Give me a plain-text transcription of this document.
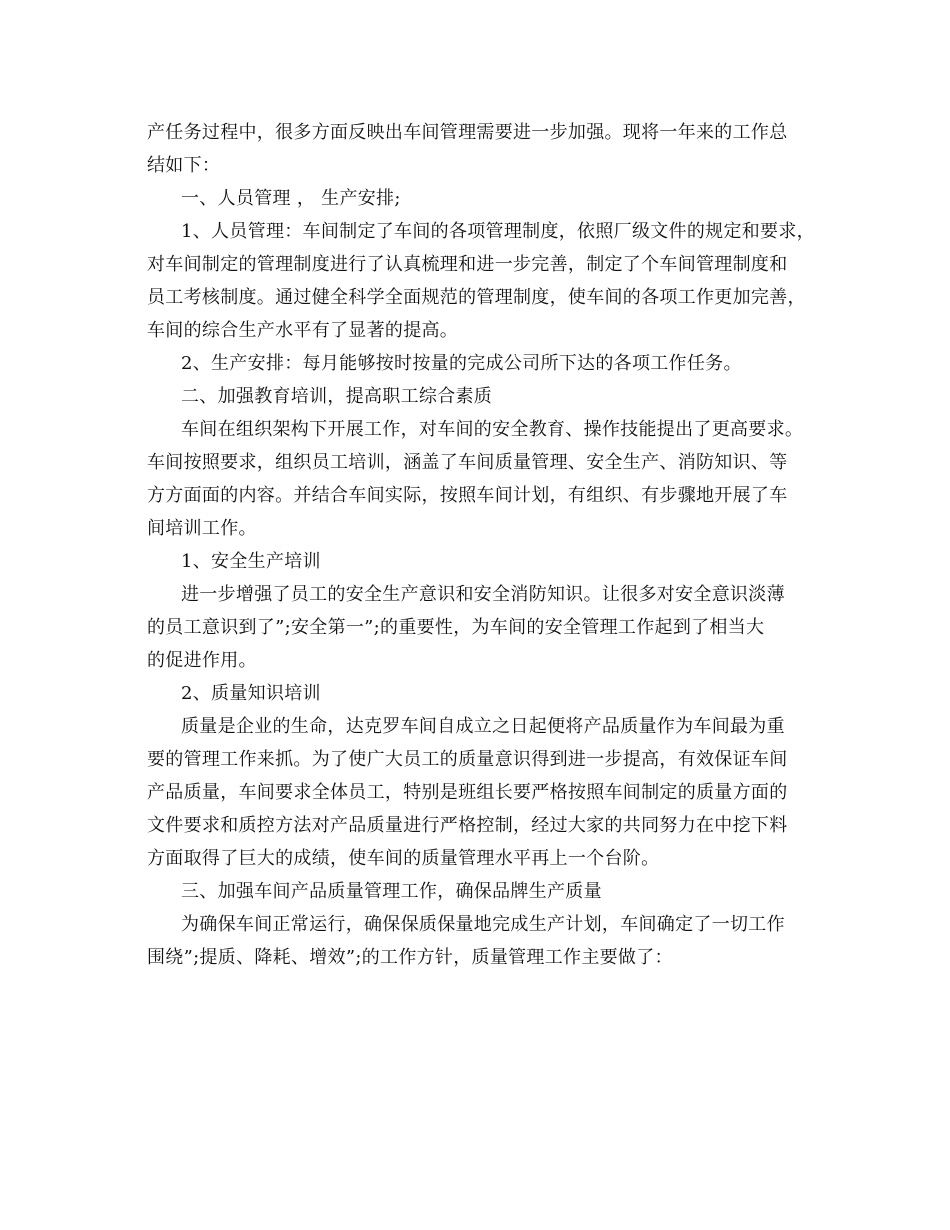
产任务过程中，很多方面反映出车间管理需要进一步加强。现将一年来的工作总
结如下：
一、人员管理 ， 生产安排;
1、人员管理：车间制定了车间的各项管理制度，依照厂级文件的规定和要求，
对车间制定的管理制度进行了认真梳理和进一步完善，制定了个车间管理制度和
员工考核制度。通过健全科学全面规范的管理制度，使车间的各项工作更加完善，
车间的综合生产水平有了显著的提高。
2、生产安排：每月能够按时按量的完成公司所下达的各项工作任务。
二、加强教育培训，提高职工综合素质
车间在组织架构下开展工作，对车间的安全教育、操作技能提出了更高要求。
车间按照要求，组织员工培训，涵盖了车间质量管理、安全生产、消防知识、等
方方面面的内容。并结合车间实际，按照车间计划，有组织、有步骤地开展了车
间培训工作。
1、安全生产培训
进一步增强了员工的安全生产意识和安全消防知识。让很多对安全意识淡薄
的员工意识到了”;安全第一”;的重要性，为车间的安全管理工作起到了相当大
的促进作用。
2、质量知识培训
质量是企业的生命，达克罗车间自成立之日起便将产品质量作为车间最为重
要的管理工作来抓。为了使广大员工的质量意识得到进一步提高，有效保证车间
产品质量，车间要求全体员工，特别是班组长要严格按照车间制定的质量方面的
文件要求和质控方法对产品质量进行严格控制，经过大家的共同努力在中挖下料
方面取得了巨大的成绩，使车间的质量管理水平再上一个台阶。
三、加强车间产品质量管理工作，确保品牌生产质量
为确保车间正常运行，确保保质保量地完成生产计划，车间确定了一切工作
围绕”;提质、降耗、增效”;的工作方针，质量管理工作主要做了：
